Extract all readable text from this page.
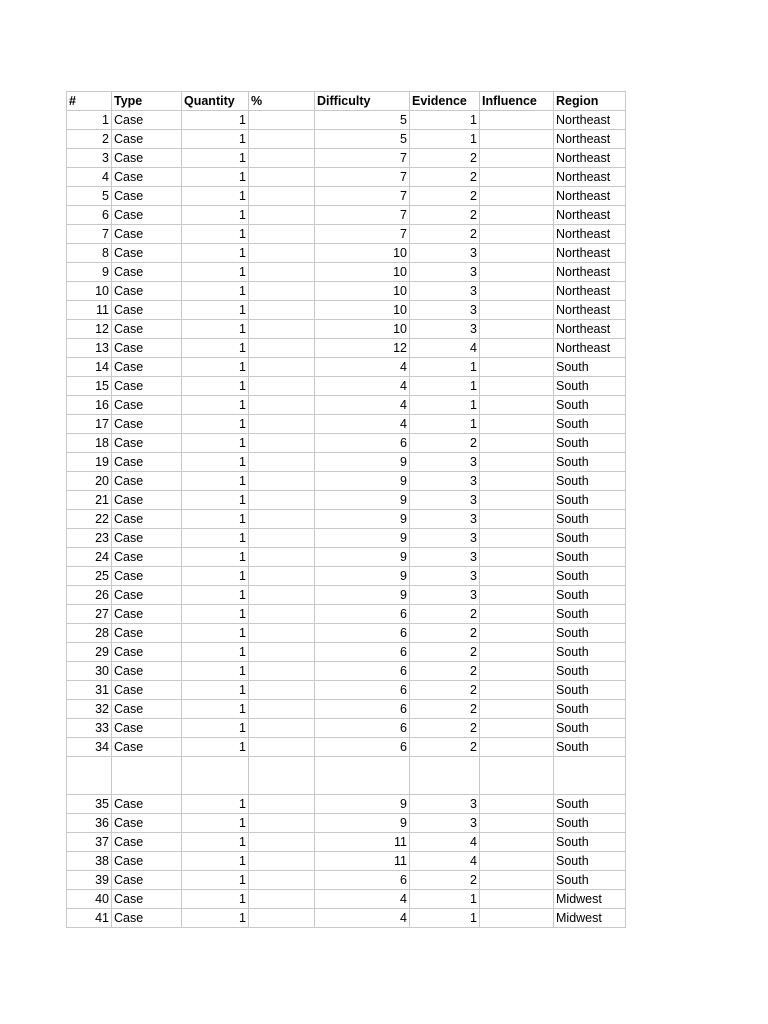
#	Type	Quantity	%	Difficulty	Evidence	Influence	Region
1	Case	1		5	1		Northeast
2	Case	1		5	1		Northeast
3	Case	1		7	2		Northeast
4	Case	1		7	2		Northeast
5	Case	1		7	2		Northeast
6	Case	1		7	2		Northeast
7	Case	1		7	2		Northeast
8	Case	1		10	3		Northeast
9	Case	1		10	3		Northeast
10	Case	1		10	3		Northeast
11	Case	1		10	3		Northeast
12	Case	1		10	3		Northeast
13	Case	1		12	4		Northeast
14	Case	1		4	1		South
15	Case	1		4	1		South
16	Case	1		4	1		South
17	Case	1		4	1		South
18	Case	1		6	2		South
19	Case	1		9	3		South
20	Case	1		9	3		South
21	Case	1		9	3		South
22	Case	1		9	3		South
23	Case	1		9	3		South
24	Case	1		9	3		South
25	Case	1		9	3		South
26	Case	1		9	3		South
27	Case	1		6	2		South
28	Case	1		6	2		South
29	Case	1		6	2		South
30	Case	1		6	2		South
31	Case	1		6	2		South
32	Case	1		6	2		South
33	Case	1		6	2		South
34	Case	1		6	2		South

35	Case	1		9	3		South
36	Case	1		9	3		South
37	Case	1		11	4		South
38	Case	1		11	4		South
39	Case	1		6	2		South
40	Case	1		4	1		Midwest
41	Case	1		4	1		Midwest
